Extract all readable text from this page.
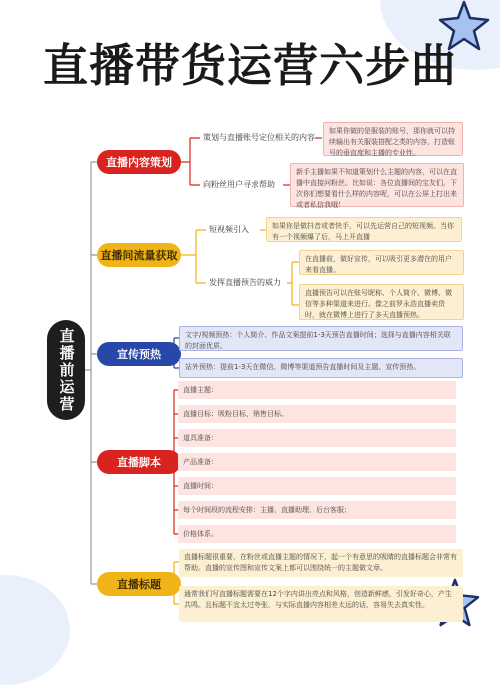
直播带货运营六步曲
直播前运营
直播内容策划
策划与直播账号定位相关的内容
向粉丝用户寻求帮助
如果你做的是服装的账号，那你就可以持续输出有关服装搭配之类的内容，打造账号的垂直度和主播的专业性。
新手主播如果不知道策划什么主题的内容，可以在直播中直接问粉丝。比如说：各位直播间的宝友们，下次你们想要看什么样的内容呢，可以在公屏上打出来或者私信我哦！
直播间流量获取
短视频引入
发挥直播预告的威力
如果你是做抖音或者快手，可以先运营自己的短视频。当你有一个视频爆了后，马上开直播
在直播前，做好宣传，可以吸引更多潜在的用户来看直播。
直播预告可以在账号昵称、个人简介、微博、微信等多种渠道来进行。像之前罗永浩直播卖货时，就在微博上进行了多天直播预热。
宣传预热
文字/视频预热：个人简介、作品文案提前1-3天预告直播时间；选择与直播内容相关联的封面优质。
站外预热：提前1-3天在微信、微博等渠道预告直播时间及主题、宣传预热。
直播脚本
直播主题：
直播目标：吸粉目标，销售目标。
道具准备：
产品准备：
直播时间：
每个时间段的流程安排：主播、直播助理、后台客服；
价格体系。
直播标题
直播标题很重要，在粉丝或直播主题的情况下，起一个有意思的吸睛的直播标题会非常有帮助。直播的宣传图和宣传文案上都可以围绕统一的主题做文章。
通常我们写直播标题需要在12个字内讲出亮点和风格，创造新鲜感，引发好奇心，产生共鸣。且标题不宜太过夸张，与实际直播内容相差太远的话，容易失去真实性。
